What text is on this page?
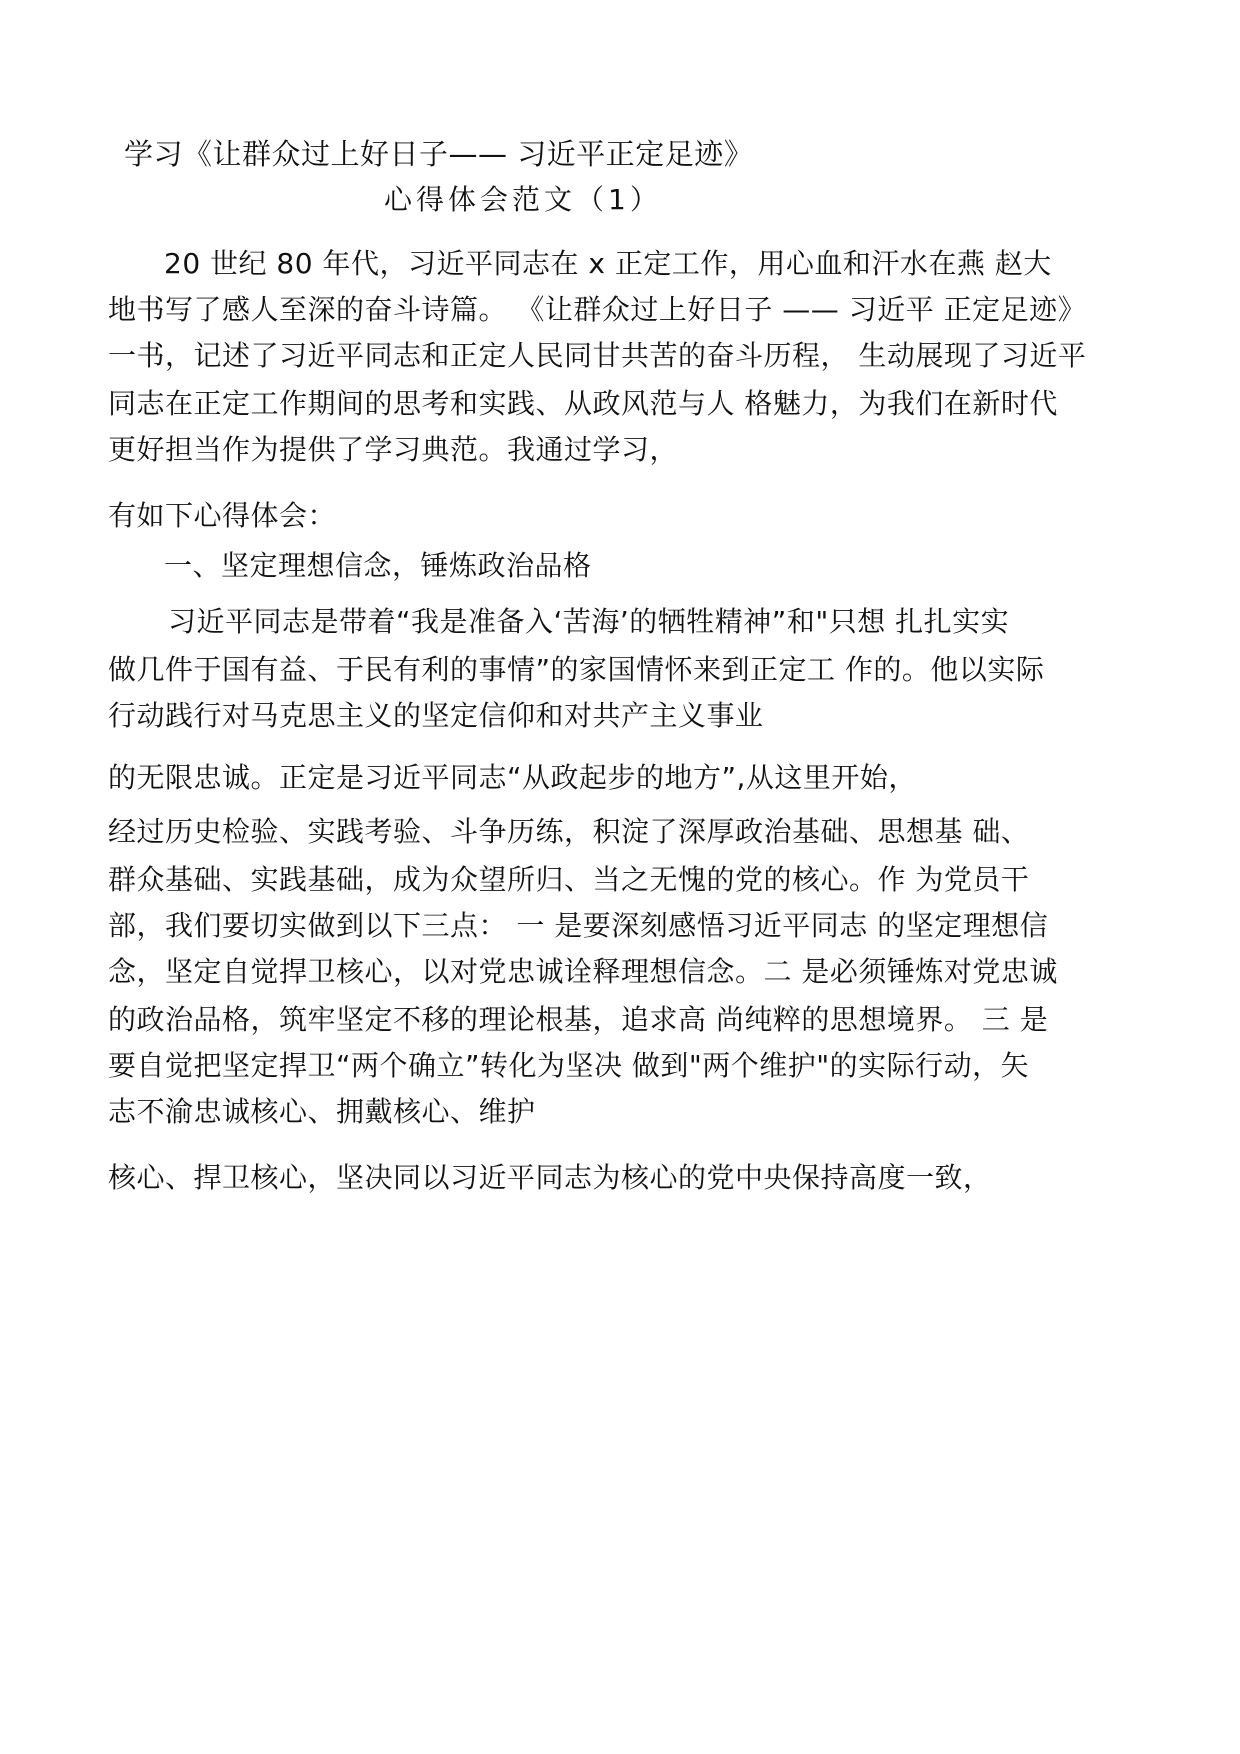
学习《让群众过上好日子—— 习近平正定足迹》
心得体会范文（1）
20 世纪 80 年代，习近平同志在 x 正定工作，用心血和汗水在燕 赵大
地书写了感人至深的奋斗诗篇。 《让群众过上好日子 —— 习近平 正定足迹》
一书，记述了习近平同志和正定人民同甘共苦的奋斗历程， 生动展现了习近平
同志在正定工作期间的思考和实践、从政风范与人 格魅力，为我们在新时代
更好担当作为提供了学习典范。我通过学习，
有如下心得体会：
一、坚定理想信念，锤炼政治品格
习近平同志是带着“我是准备入‘苦海’的牺牲精神”和"只想 扎扎实实
做几件于国有益、于民有利的事情”的家国情怀来到正定工 作的。他以实际
行动践行对马克思主义的坚定信仰和对共产主义事业
的无限忠诚。正定是习近平同志“从政起步的地方”,从这里开始，
经过历史检验、实践考验、斗争历练，积淀了深厚政治基础、思想基 础、
群众基础、实践基础，成为众望所归、当之无愧的党的核心。作 为党员干
部，我们要切实做到以下三点： 一 是要深刻感悟习近平同志 的坚定理想信
念，坚定自觉捍卫核心，以对党忠诚诠释理想信念。二 是必须锤炼对党忠诚
的政治品格，筑牢坚定不移的理论根基，追求高 尚纯粹的思想境界。 三 是
要自觉把坚定捍卫“两个确立”转化为坚决 做到"两个维护"的实际行动，矢
志不渝忠诚核心、拥戴核心、维护
核心、捍卫核心，坚决同以习近平同志为核心的党中央保持高度一致，
